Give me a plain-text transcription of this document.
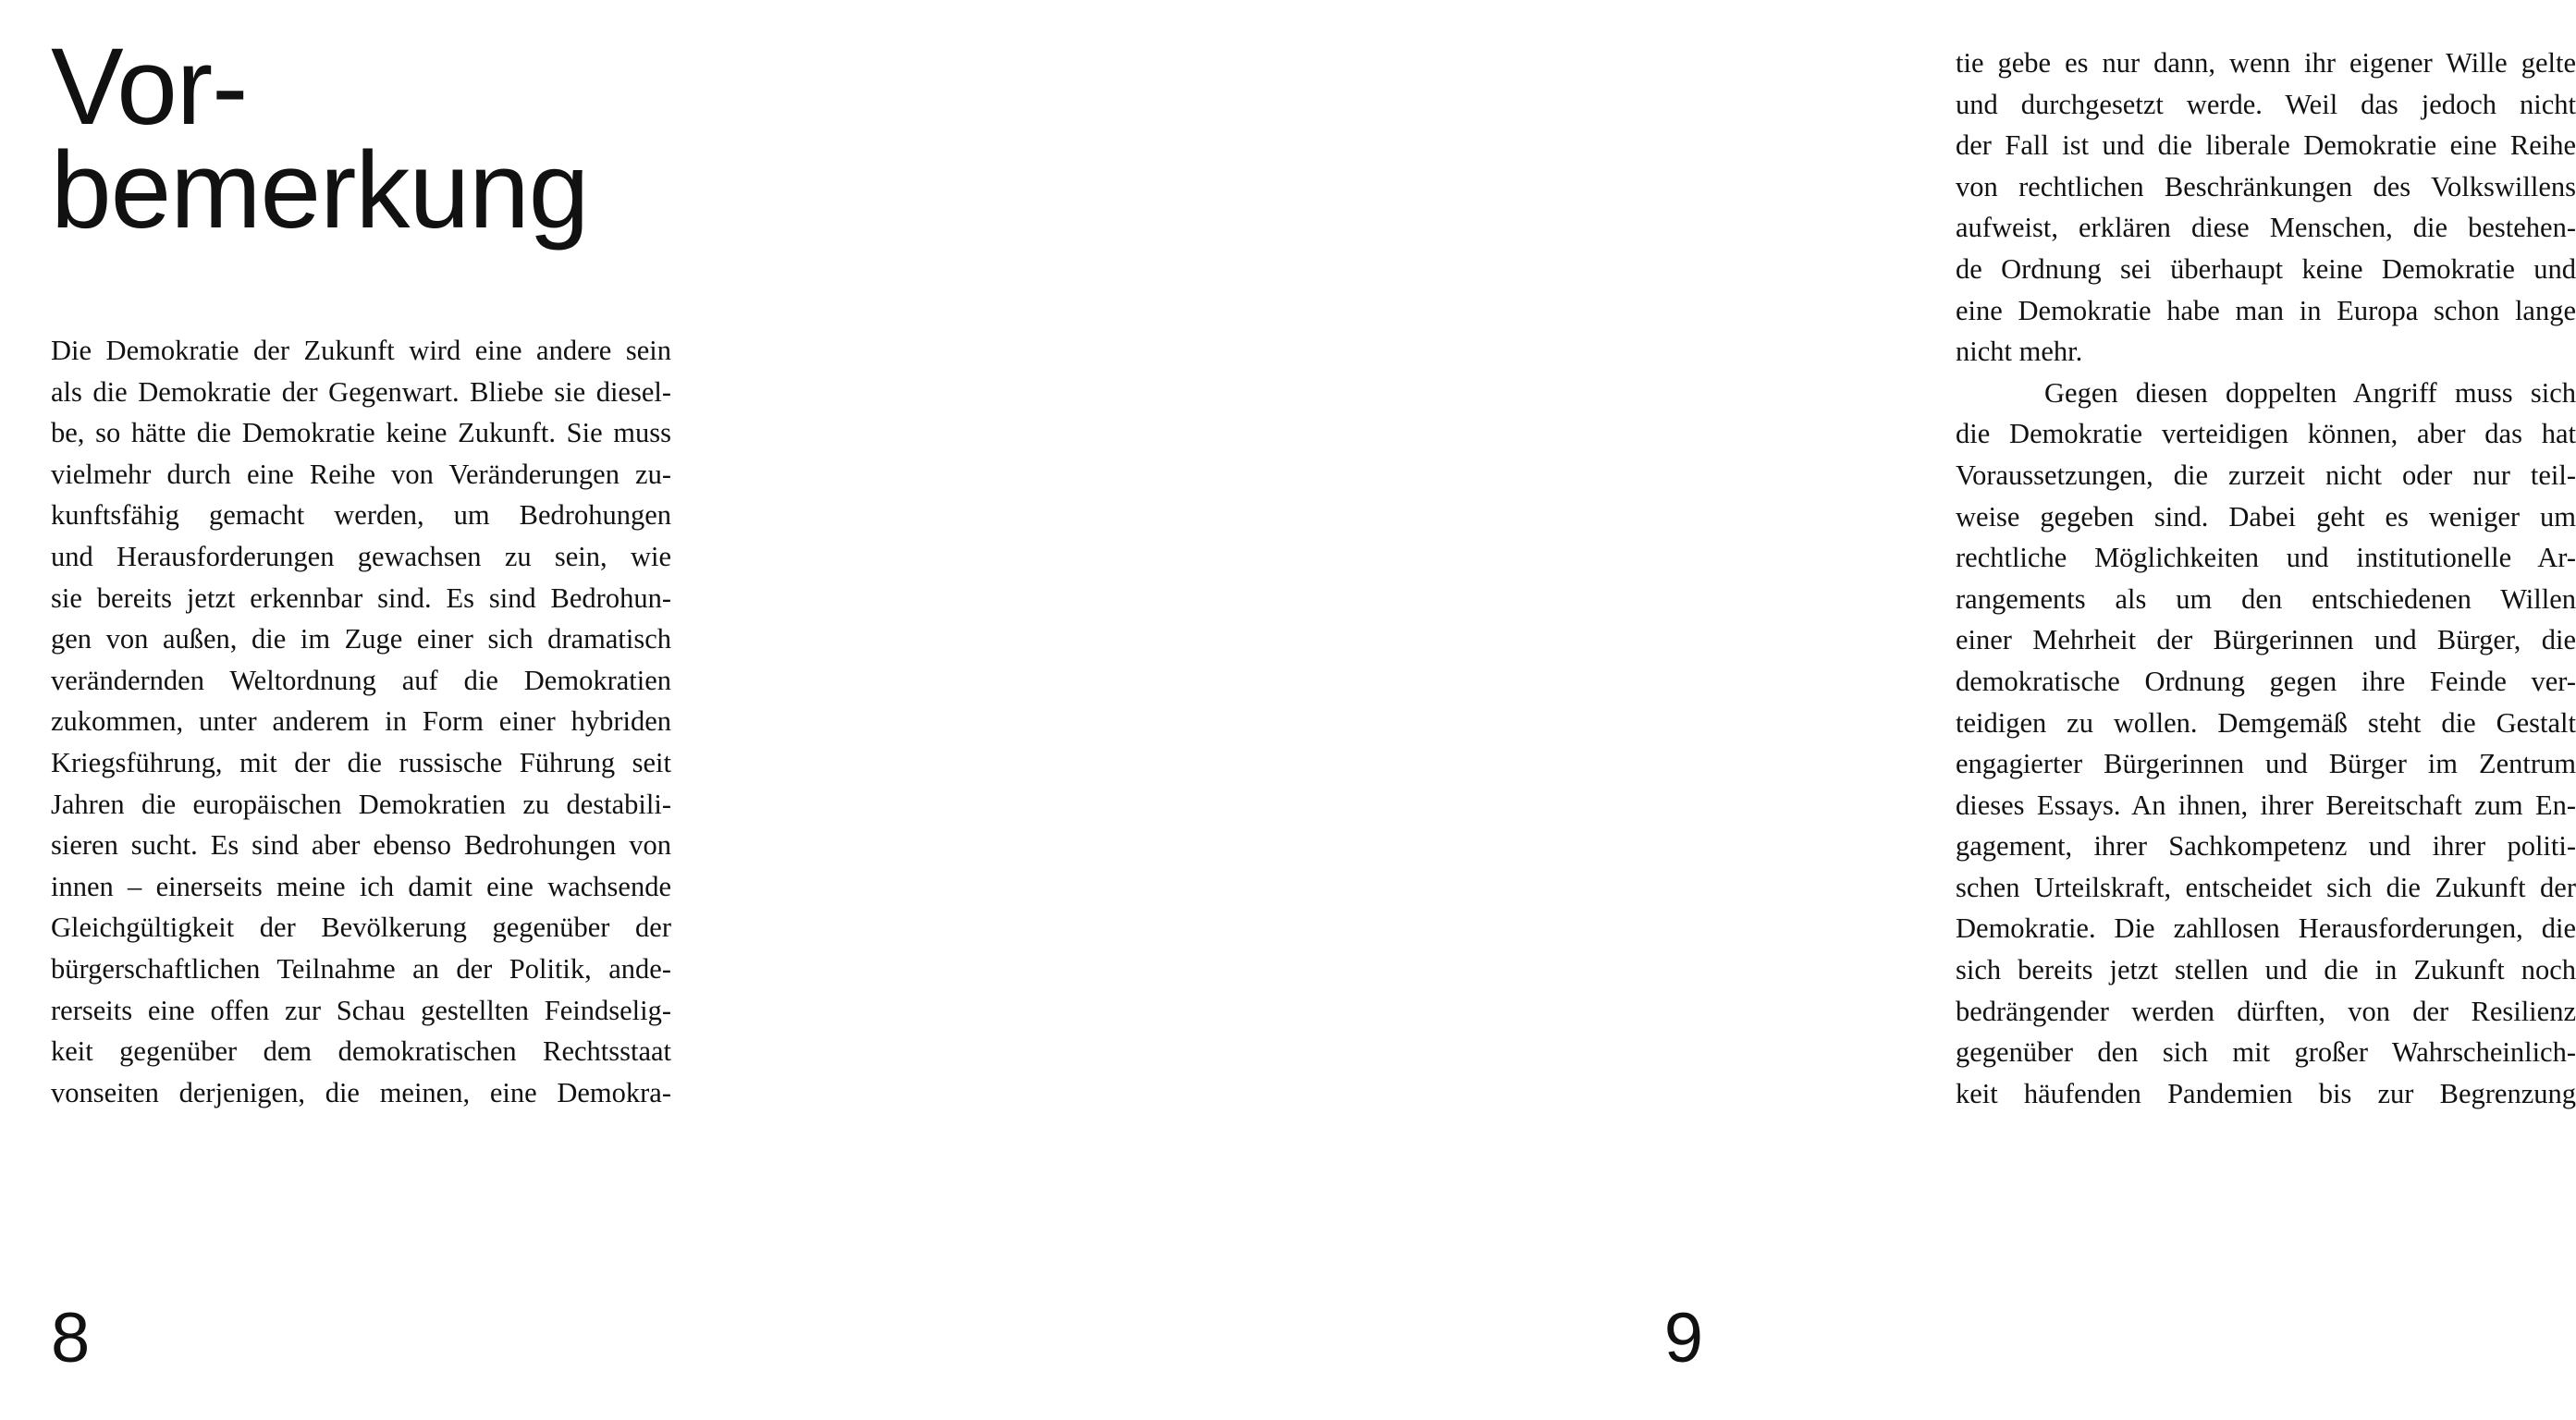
Vor-
bemerkung
Die Demokratie der Zukunft wird eine andere sein
als die Demokratie der Gegenwart. Bliebe sie diesel-
be, so hätte die Demokratie keine Zukunft. Sie muss
vielmehr durch eine Reihe von Veränderungen zu-
kunftsfähig gemacht werden, um Bedrohungen
und Herausforderungen gewachsen zu sein, wie
sie bereits jetzt erkennbar sind. Es sind Bedrohun-
gen von außen, die im Zuge einer sich dramatisch
verändernden Weltordnung auf die Demokratien
zukommen, unter anderem in Form einer hybriden
Kriegsführung, mit der die russische Führung seit
Jahren die europäischen Demokratien zu destabili-
sieren sucht. Es sind aber ebenso Bedrohungen von
innen – einerseits meine ich damit eine wachsende
Gleichgültigkeit der Bevölkerung gegenüber der
bürgerschaftlichen Teilnahme an der Politik, ande-
rerseits eine offen zur Schau gestellten Feindselig-
keit gegenüber dem demokratischen Rechtsstaat
vonseiten derjenigen, die meinen, eine Demokra-

8

tie gebe es nur dann, wenn ihr eigener Wille gelte
und durchgesetzt werde. Weil das jedoch nicht
der Fall ist und die liberale Demokratie eine Reihe
von rechtlichen Beschränkungen des Volkswillens
aufweist, erklären diese Menschen, die bestehen-
de Ordnung sei überhaupt keine Demokratie und
eine Demokratie habe man in Europa schon lange
nicht mehr.
Gegen diesen doppelten Angriff muss sich
die Demokratie verteidigen können, aber das hat
Voraussetzungen, die zurzeit nicht oder nur teil-
weise gegeben sind. Dabei geht es weniger um
rechtliche Möglichkeiten und institutionelle Ar-
rangements als um den entschiedenen Willen
einer Mehrheit der Bürgerinnen und Bürger, die
demokratische Ordnung gegen ihre Feinde ver-
teidigen zu wollen. Demgemäß steht die Gestalt
engagierter Bürgerinnen und Bürger im Zentrum
dieses Essays. An ihnen, ihrer Bereitschaft zum En-
gagement, ihrer Sachkompetenz und ihrer politi-
schen Urteilskraft, entscheidet sich die Zukunft der
Demokratie. Die zahllosen Herausforderungen, die
sich bereits jetzt stellen und die in Zukunft noch
bedrängender werden dürften, von der Resilienz
gegenüber den sich mit großer Wahrscheinlich-
keit häufenden Pandemien bis zur Begrenzung

9
